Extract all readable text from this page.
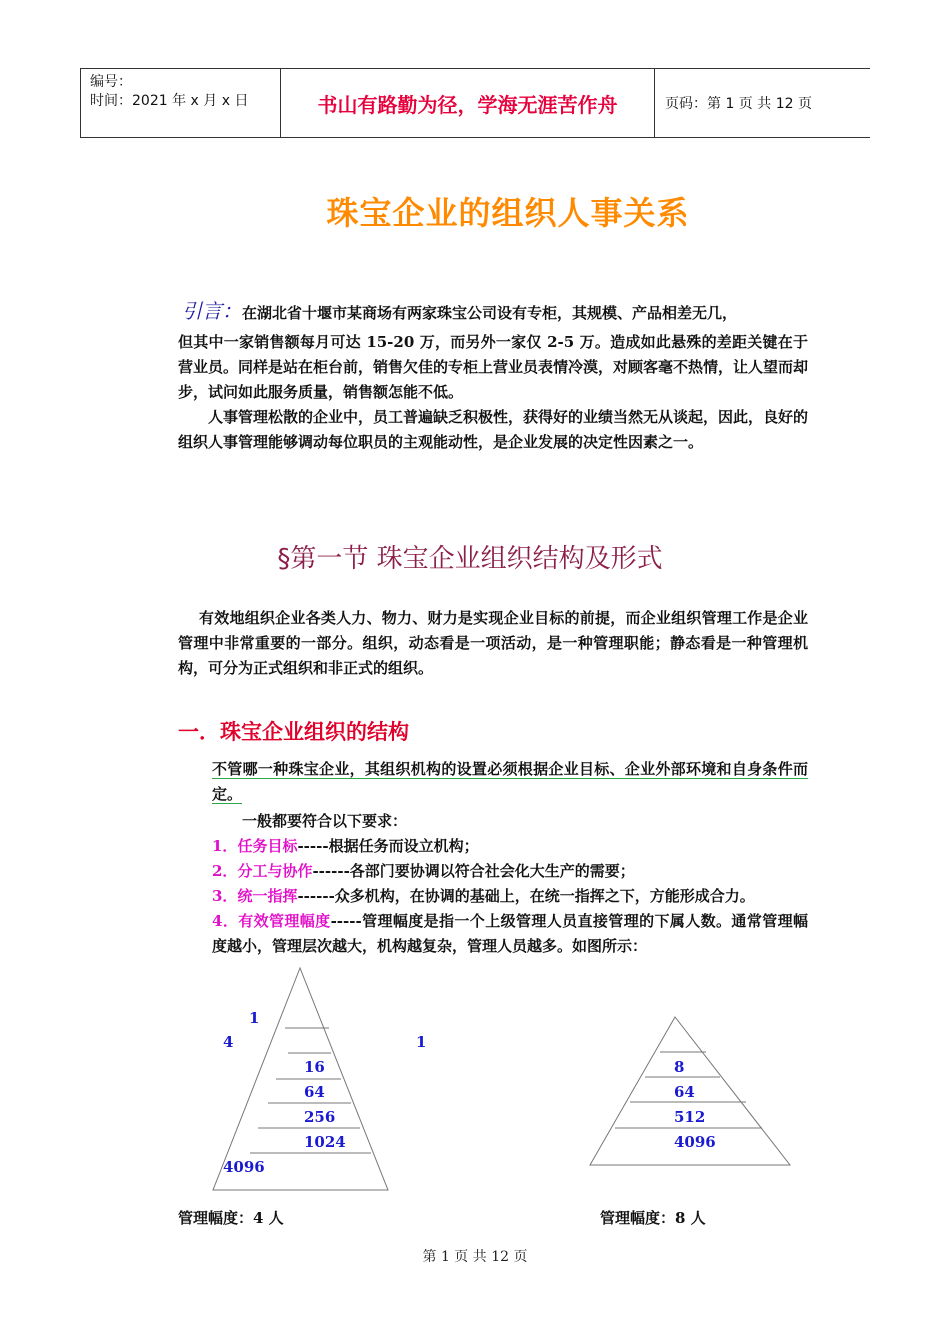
编号：
时间：2021 年 x 月 x 日	书山有路勤为径，学海无涯苦作舟	页码：第 1 页 共 12 页
珠宝企业的组织人事关系
引言：在湖北省十堰市某商场有两家珠宝公司设有专柜，其规模、产品相差无几，
但其中一家销售额每月可达 15-20 万，而另外一家仅 2-5 万。造成如此悬殊的差距关键在于营业员。同样是站在柜台前，销售欠佳的专柜上营业员表情冷漠，对顾客毫不热情，让人望而却步，试问如此服务质量，销售额怎能不低。
人事管理松散的企业中，员工普遍缺乏积极性，获得好的业绩当然无从谈起，因此，良好的组织人事管理能够调动每位职员的主观能动性，是企业发展的决定性因素之一。
§第一节 珠宝企业组织结构及形式
有效地组织企业各类人力、物力、财力是实现企业目标的前提，而企业组织管理工作是企业管理中非常重要的一部分。组织，动态看是一项活动，是一种管理职能；静态看是一种管理机构，可分为正式组织和非正式的组织。
一．珠宝企业组织的结构
不管哪一种珠宝企业，其组织机构的设置必须根据企业目标、企业外部环境和自身条件而定。
一般都要符合以下要求：
1．任务目标-----根据任务而设立机构；
2．分工与协作------各部门要协调以符合社会化大生产的需要；
3．统一指挥------众多机构，在协调的基础上，在统一指挥之下，方能形成合力。
4．有效管理幅度-----管理幅度是指一个上级管理人员直接管理的下属人数。通常管理幅度越小，管理层次越大，机构越复杂，管理人员越多。如图所示：
1
4
16
64
256
1024
4096
1
8
64
512
4096
管理幅度：4 人	管理幅度：8 人
第 1 页 共 12 页
